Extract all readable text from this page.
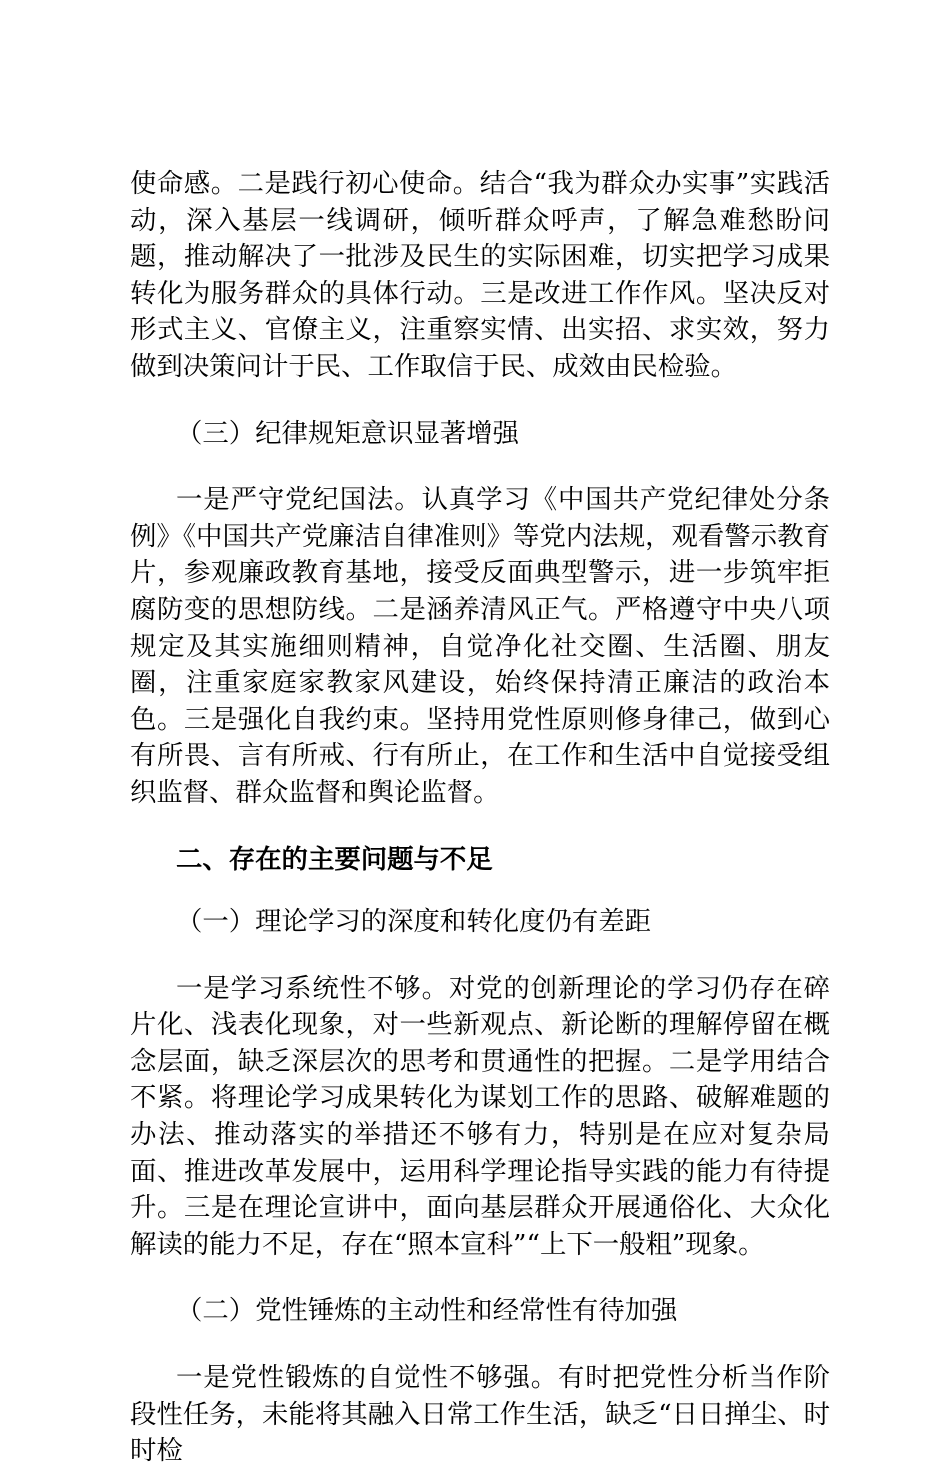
使命感。二是践行初心使命。结合“我为群众办实事”实践活动，深入基层一线调研，倾听群众呼声，了解急难愁盼问题，推动解决了一批涉及民生的实际困难，切实把学习成果转化为服务群众的具体行动。三是改进工作作风。坚决反对形式主义、官僚主义，注重察实情、出实招、求实效，努力做到决策问计于民、工作取信于民、成效由民检验。

（三）纪律规矩意识显著增强

一是严守党纪国法。认真学习《中国共产党纪律处分条例》《中国共产党廉洁自律准则》等党内法规，观看警示教育片，参观廉政教育基地，接受反面典型警示，进一步筑牢拒腐防变的思想防线。二是涵养清风正气。严格遵守中央八项规定及其实施细则精神，自觉净化社交圈、生活圈、朋友圈，注重家庭家教家风建设，始终保持清正廉洁的政治本色。三是强化自我约束。坚持用党性原则修身律己，做到心有所畏、言有所戒、行有所止，在工作和生活中自觉接受组织监督、群众监督和舆论监督。

二、存在的主要问题与不足

（一）理论学习的深度和转化度仍有差距

一是学习系统性不够。对党的创新理论的学习仍存在碎片化、浅表化现象，对一些新观点、新论断的理解停留在概念层面，缺乏深层次的思考和贯通性的把握。二是学用结合不紧。将理论学习成果转化为谋划工作的思路、破解难题的办法、推动落实的举措还不够有力，特别是在应对复杂局面、推进改革发展中，运用科学理论指导实践的能力有待提升。三是在理论宣讲中，面向基层群众开展通俗化、大众化解读的能力不足，存在“照本宣科”“上下一般粗”现象。

（二）党性锤炼的主动性和经常性有待加强

一是党性锻炼的自觉性不够强。有时把党性分析当作阶段性任务，未能将其融入日常工作生活，缺乏“日日掸尘、时时检
